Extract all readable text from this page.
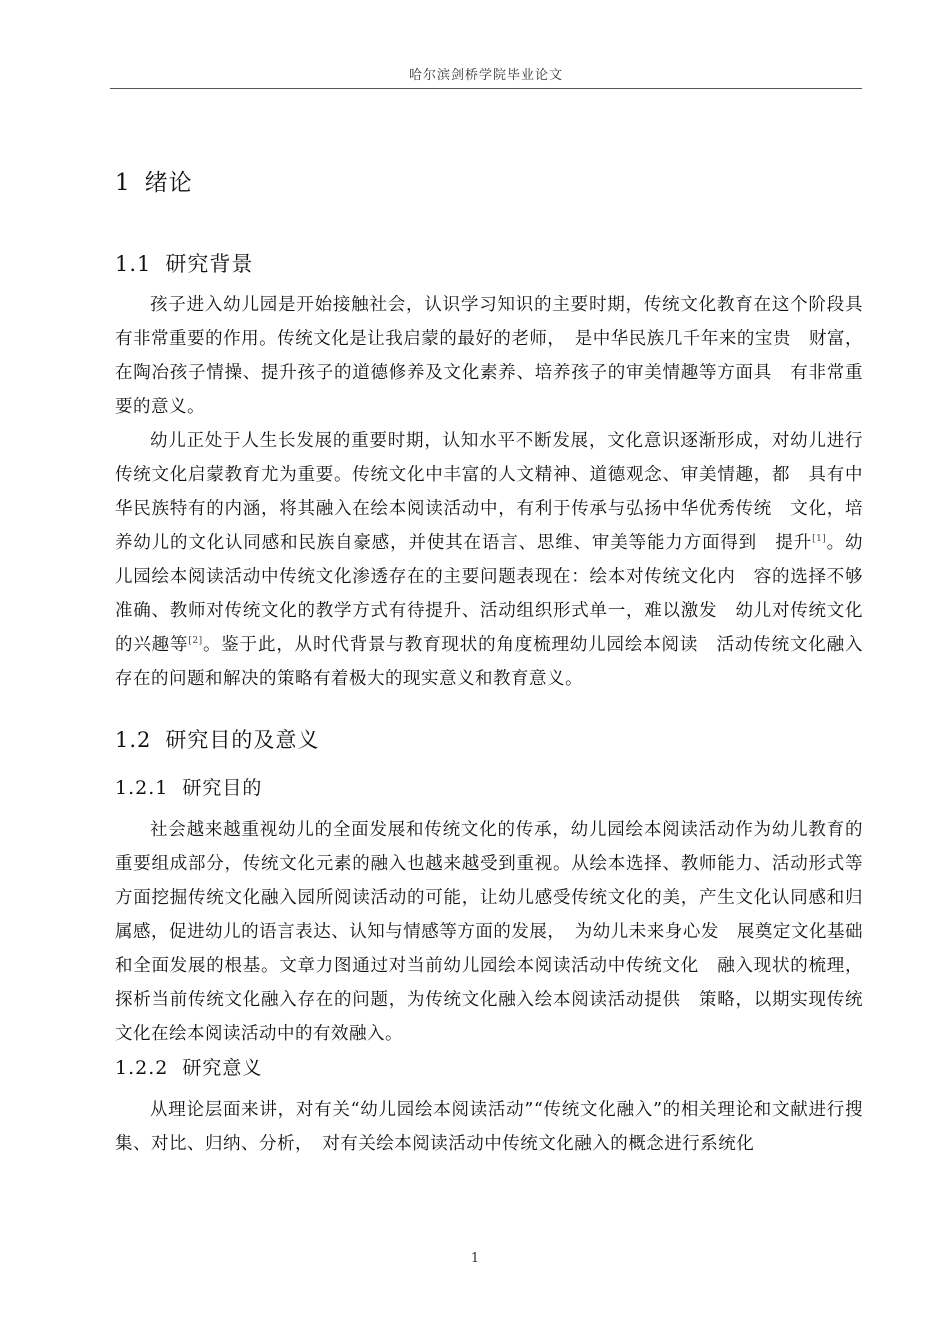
哈尔滨剑桥学院毕业论文
1 绪论
1.1 研究背景

孩子进入幼儿园是开始接触社会，认识学习知识的主要时期，传统文化教育在这个阶段具有非常重要的作用。传统文化是让我启蒙的最好的老师，　是中华民族几千年来的宝贵　财富，在陶冶孩子情操、提升孩子的道德修养及文化素养、培养孩子的审美情趣等方面具　有非常重要的意义。

幼儿正处于人生长发展的重要时期，认知水平不断发展，文化意识逐渐形成，对幼儿进行传统文化启蒙教育尤为重要。传统文化中丰富的人文精神、道德观念、审美情趣，都　具有中华民族特有的内涵，将其融入在绘本阅读活动中，有利于传承与弘扬中华优秀传统　文化，培养幼儿的文化认同感和民族自豪感，并使其在语言、思维、审美等能力方面得到　提升[1]。幼儿园绘本阅读活动中传统文化渗透存在的主要问题表现在：绘本对传统文化内　容的选择不够准确、教师对传统文化的教学方式有待提升、活动组织形式单一，难以激发　幼儿对传统文化的兴趣等[2]。鉴于此，从时代背景与教育现状的角度梳理幼儿园绘本阅读　活动传统文化融入存在的问题和解决的策略有着极大的现实意义和教育意义。

1.2 研究目的及意义
1.2.1 研究目的

社会越来越重视幼儿的全面发展和传统文化的传承，幼儿园绘本阅读活动作为幼儿教育的重要组成部分，传统文化元素的融入也越来越受到重视。从绘本选择、教师能力、活动形式等方面挖掘传统文化融入园所阅读活动的可能，让幼儿感受传统文化的美，产生文化认同感和归属感，促进幼儿的语言表达、认知与情感等方面的发展，　为幼儿未来身心发　展奠定文化基础和全面发展的根基。文章力图通过对当前幼儿园绘本阅读活动中传统文化　融入现状的梳理，探析当前传统文化融入存在的问题，为传统文化融入绘本阅读活动提供　策略，以期实现传统文化在绘本阅读活动中的有效融入。

1.2.2 研究意义

从理论层面来讲，对有关“幼儿园绘本阅读活动”“传统文化融入”的相关理论和文献进行搜集、对比、归纳、分析，　对有关绘本阅读活动中传统文化融入的概念进行系统化

1
